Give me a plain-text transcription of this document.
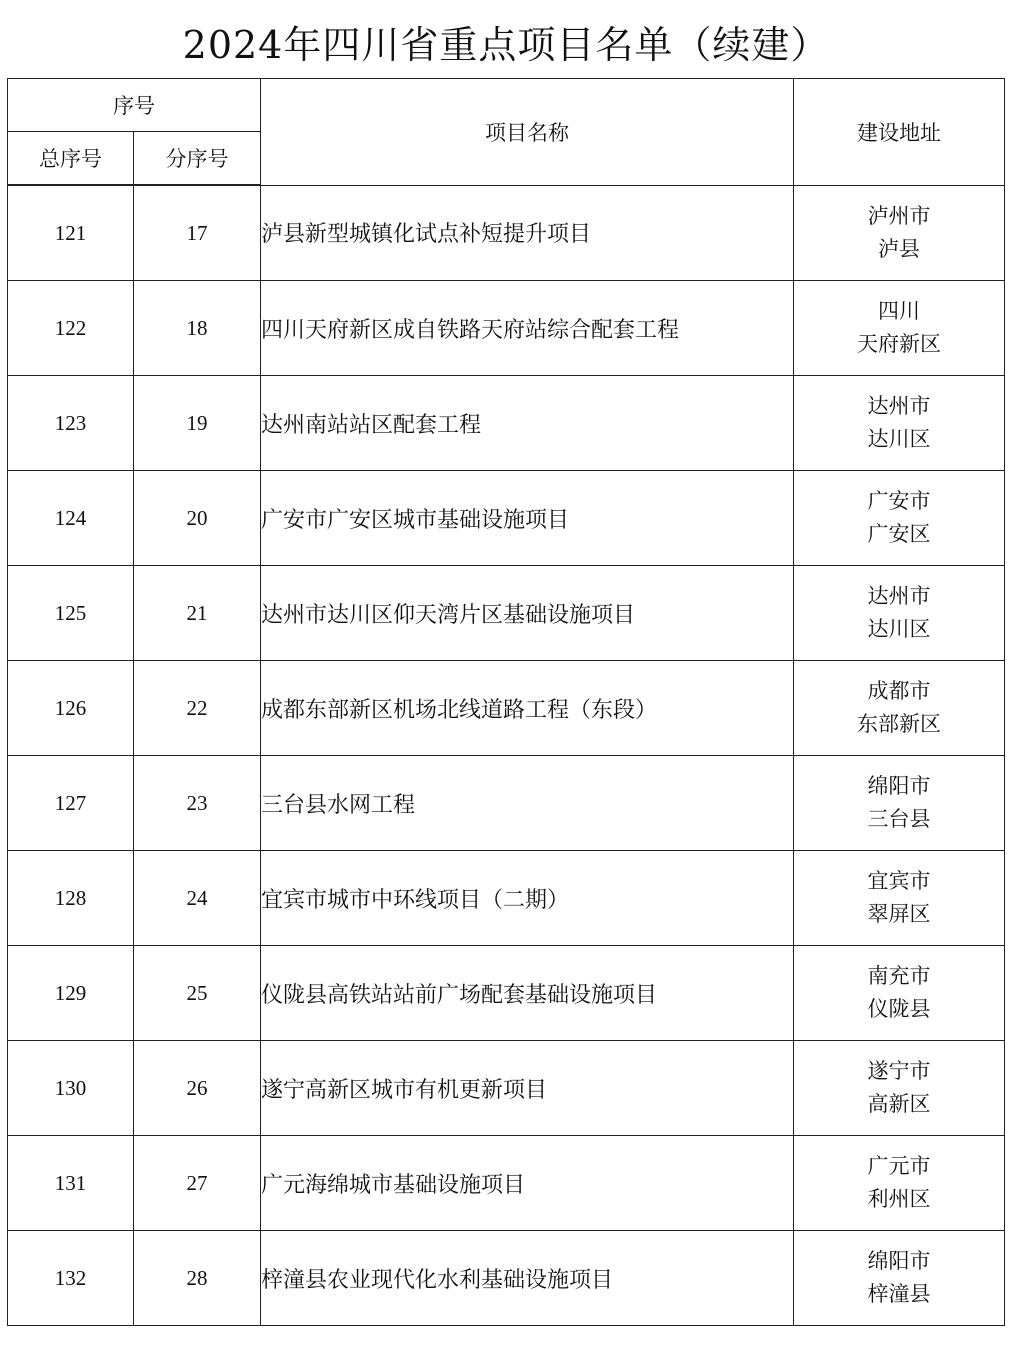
2024年四川省重点项目名单（续建）
序号		项目名称	建设地址
总序号	分序号		
121	17	泸县新型城镇化试点补短提升项目	泸州市
泸县

122	18	四川天府新区成自铁路天府站综合配套工程	四川
天府新区

123	19	达州南站站区配套工程	达州市
达川区

124	20	广安市广安区城市基础设施项目	广安市
广安区

125	21	达州市达川区仰天湾片区基础设施项目	达州市
达川区

126	22	成都东部新区机场北线道路工程（东段）	成都市
东部新区

127	23	三台县水网工程	绵阳市
三台县

128	24	宜宾市城市中环线项目（二期）	宜宾市
翠屏区

129	25	仪陇县高铁站站前广场配套基础设施项目	南充市
仪陇县

130	26	遂宁高新区城市有机更新项目	遂宁市
高新区

131	27	广元海绵城市基础设施项目	广元市
利州区

132	28	梓潼县农业现代化水利基础设施项目	绵阳市
梓潼县
